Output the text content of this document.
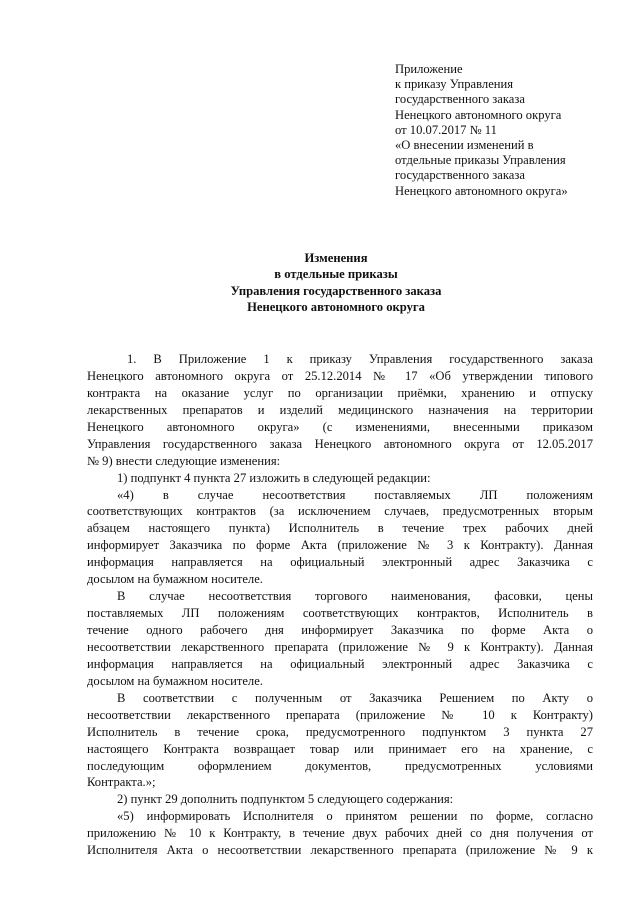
Приложение
к приказу Управления
государственного заказа
Ненецкого автономного округа
от 10.07.2017 № 11
«О внесении изменений в
отдельные приказы Управления
государственного заказа
Ненецкого автономного округа»
Изменения
в отдельные приказы
Управления государственного заказа
Ненецкого автономного округа
1. В Приложение 1 к приказу Управления государственного заказа
Ненецкого автономного округа от 25.12.2014 № 17 «Об утверждении типового
контракта на оказание услуг по организации приёмки, хранению и отпуску
лекарственных препаратов и изделий медицинского назначения на территории
Ненецкого автономного округа» (с изменениями, внесенными приказом
Управления государственного заказа Ненецкого автономного округа от 12.05.2017
№ 9) внести следующие изменения:
1) подпункт 4 пункта 27 изложить в следующей редакции:
«4) в случае несоответствия поставляемых ЛП положениям
соответствующих контрактов (за исключением случаев, предусмотренных вторым
абзацем настоящего пункта) Исполнитель в течение трех рабочих дней
информирует Заказчика по форме Акта (приложение № 3 к Контракту). Данная
информация направляется на официальный электронный адрес Заказчика с
досылом на бумажном носителе.
В случае несоответствия торгового наименования, фасовки, цены
поставляемых ЛП положениям соответствующих контрактов, Исполнитель в
течение одного рабочего дня информирует Заказчика по форме Акта о
несоответствии лекарственного препарата (приложение № 9 к Контракту). Данная
информация направляется на официальный электронный адрес Заказчика с
досылом на бумажном носителе.
В соответствии с полученным от Заказчика Решением по Акту о
несоответствии лекарственного препарата (приложение № 10 к Контракту)
Исполнитель в течение срока, предусмотренного подпунктом 3 пункта 27
настоящего Контракта возвращает товар или принимает его на хранение, с
последующим оформлением документов, предусмотренных условиями
Контракта.»;
2) пункт 29 дополнить подпунктом 5 следующего содержания:
«5) информировать Исполнителя о принятом решении по форме, согласно
приложению № 10 к Контракту, в течение двух рабочих дней со дня получения от
Исполнителя Акта о несоответствии лекарственного препарата (приложение № 9 к
